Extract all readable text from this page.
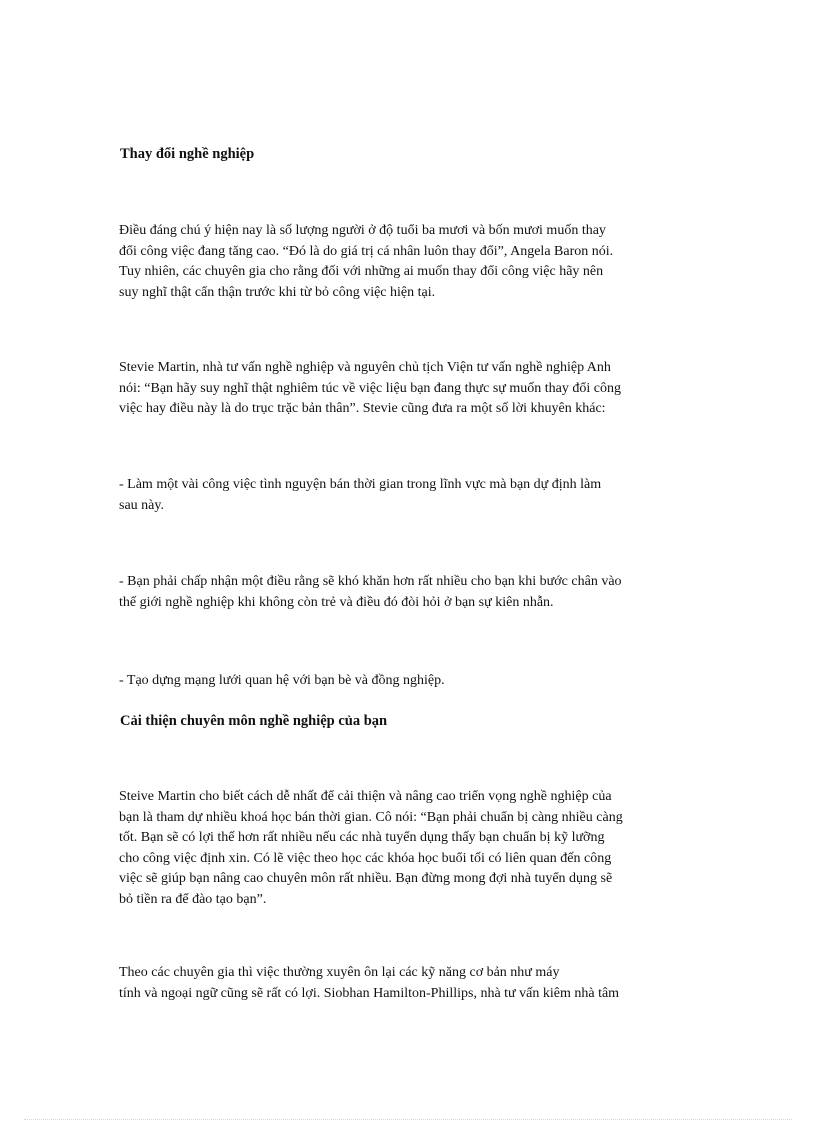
Thay đổi nghề nghiệp
Điều đáng chú ý hiện nay là số lượng người ở độ tuổi ba mươi và bốn mươi muốn thay
đổi công việc đang tăng cao. “Đó là do giá trị cá nhân luôn thay đổi”, Angela Baron nói.
Tuy nhiên, các chuyên gia cho rằng đối với những ai muốn thay đổi công việc hãy nên
suy nghĩ thật cẩn thận trước khi từ bỏ công việc hiện tại.
Stevie Martin, nhà tư vấn nghề nghiệp và nguyên chủ tịch Viện tư vấn nghề nghiệp Anh
nói: “Bạn hãy suy nghĩ thật nghiêm túc về việc liệu bạn đang thực sự muốn thay đổi công
việc hay điều này là do trục trặc bản thân”. Stevie cũng đưa ra một số lời khuyên khác:
- Làm một vài công việc tình nguyện bán thời gian trong lĩnh vực mà bạn dự định làm
sau này.
- Bạn phải chấp nhận một điều rằng sẽ khó khăn hơn rất nhiều cho bạn khi bước chân vào
thế giới nghề nghiệp khi không còn trẻ và điều đó đòi hỏi ở bạn sự kiên nhẫn.
- Tạo dựng mạng lưới quan hệ với bạn bè và đồng nghiệp.
Cải thiện chuyên môn nghề nghiệp của bạn
Steive Martin cho biết cách dễ nhất để cải thiện và nâng cao triển vọng nghề nghiệp của
bạn là tham dự nhiều khoá học bán thời gian. Cô nói: “Bạn phải chuẩn bị càng nhiều càng
tốt. Bạn sẽ có lợi thế hơn rất nhiều nếu các nhà tuyển dụng thấy bạn chuẩn bị kỹ lưỡng
cho công việc định xin. Có lẽ việc theo học các khóa học buổi tối có liên quan đến công
việc sẽ giúp bạn nâng cao chuyên môn rất nhiều. Bạn đừng mong đợi nhà tuyển dụng sẽ
bỏ tiền ra để đào tạo bạn”.
Theo các chuyên gia thì việc thường xuyên ôn lại các kỹ năng cơ bản như máy
tính và ngoại ngữ cũng sẽ rất có lợi. Siobhan Hamilton-Phillips, nhà tư vấn kiêm nhà tâm
